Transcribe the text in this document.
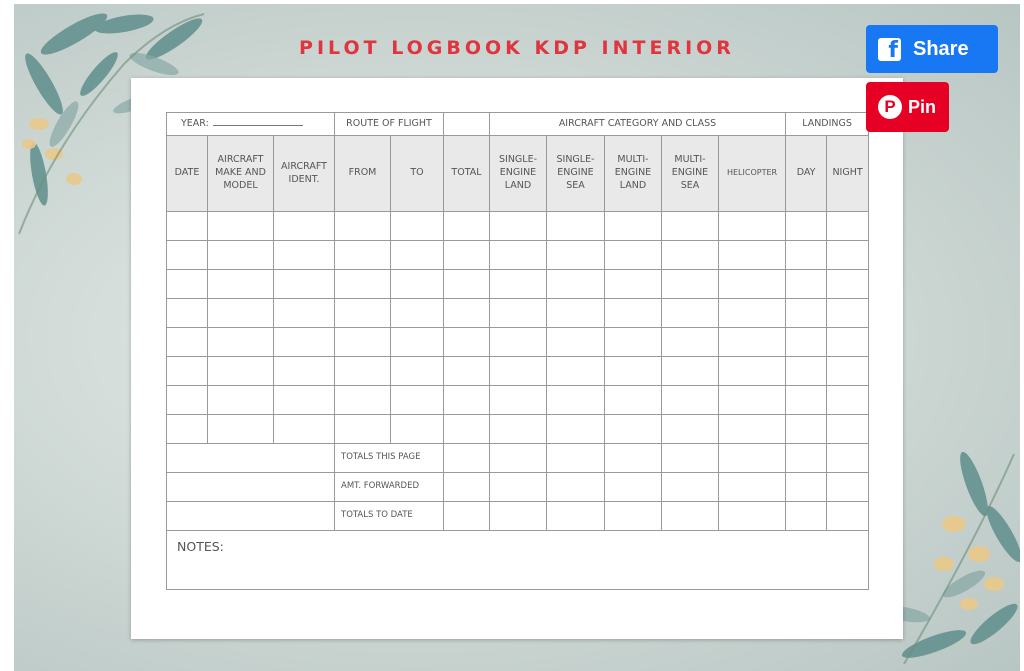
PILOT LOGBOOK KDP INTERIOR
YEAR:			ROUTE OF FLIGHT			AIRCRAFT CATEGORY AND CLASS					LANDINGS	
DATE	AIRCRAFT MAKE AND MODEL	AIRCRAFT IDENT.	FROM	TO	TOTAL	SINGLE-ENGINE LAND	SINGLE-ENGINE SEA	MULTI-ENGINE LAND	MULTI-ENGINE SEA	HELICOPTER	DAY	NIGHT

			TOTALS THIS PAGE									
			AMT. FORWARDED									
			TOTALS TO DATE									

NOTES:												
f Share
P Pin
